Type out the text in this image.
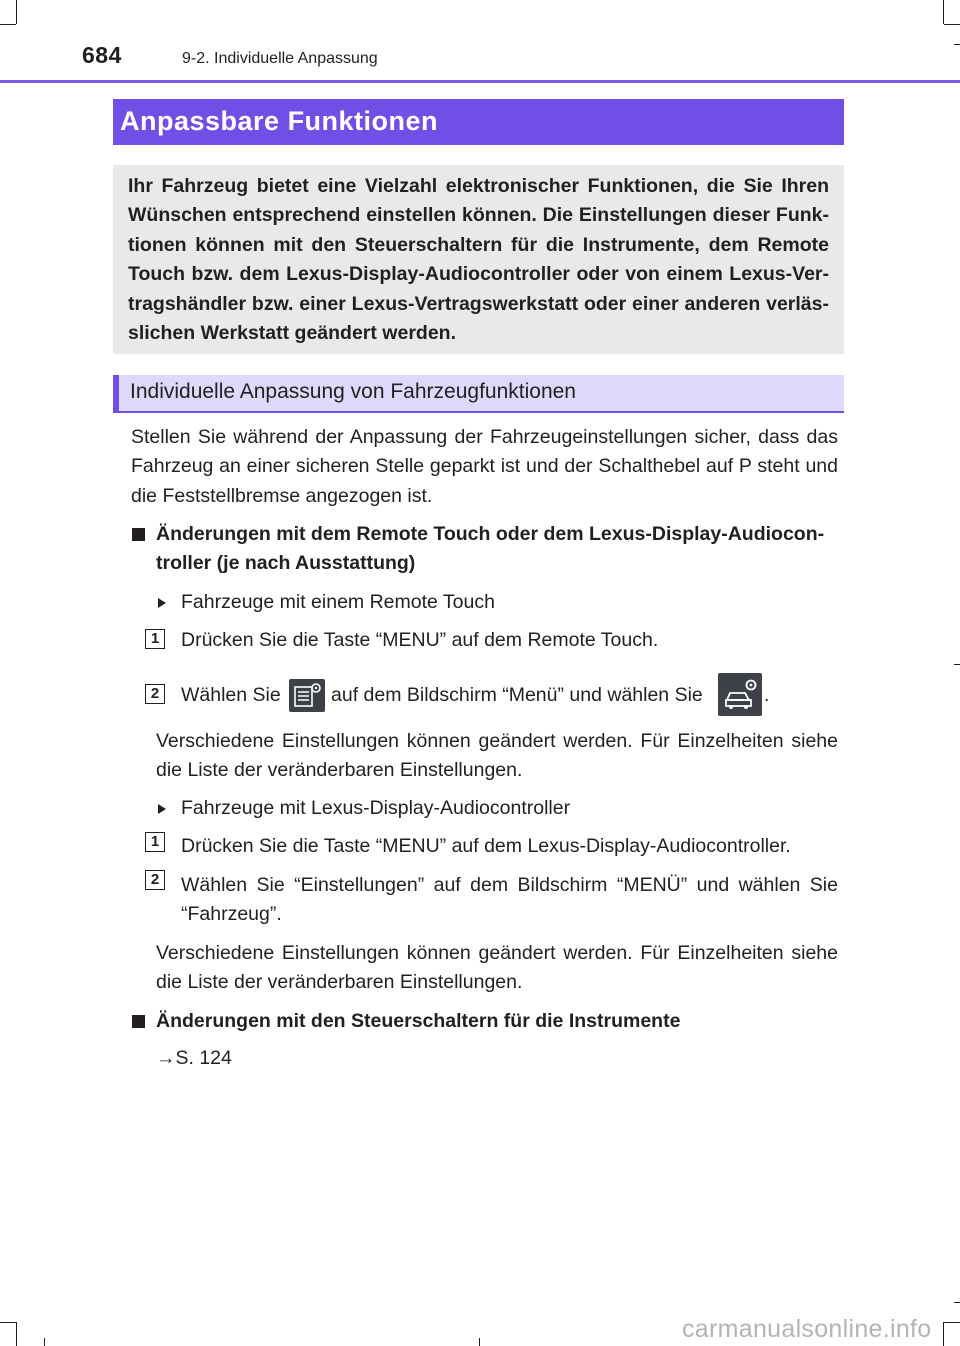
684	9-2. Individuelle Anpassung
Anpassbare Funktionen

Ihr Fahrzeug bietet eine Vielzahl elektronischer Funktionen, die Sie Ihren Wünschen entsprechend einstellen können. Die Einstellungen dieser Funk-tionen können mit den Steuerschaltern für die Instrumente, dem Remote Touch bzw. dem Lexus-Display-Audiocontroller oder von einem Lexus-Ver-tragshändler bzw. einer Lexus-Vertragswerkstatt oder einer anderen verläs-slichen Werkstatt geändert werden.

Individuelle Anpassung von Fahrzeugfunktionen

Stellen Sie während der Anpassung der Fahrzeugeinstellungen sicher, dass das Fahrzeug an einer sicheren Stelle geparkt ist und der Schalthebel auf P steht und die Feststellbremse angezogen ist.

Änderungen mit dem Remote Touch oder dem Lexus-Display-Audiocon-troller (je nach Ausstattung)

Fahrzeuge mit einem Remote Touch

1 Drücken Sie die Taste “MENU” auf dem Remote Touch.

2 Wählen Sie	auf dem Bildschirm “Menü” und wählen Sie	.

Verschiedene Einstellungen können geändert werden. Für Einzelheiten siehe die Liste der veränderbaren Einstellungen.

Fahrzeuge mit Lexus-Display-Audiocontroller

1 Drücken Sie die Taste “MENU” auf dem Lexus-Display-Audiocontroller.

2 Wählen Sie “Einstellungen” auf dem Bildschirm “MENÜ” und wählen Sie “Fahrzeug”.

Verschiedene Einstellungen können geändert werden. Für Einzelheiten siehe die Liste der veränderbaren Einstellungen.

Änderungen mit den Steuerschaltern für die Instrumente

→S. 124

carmanualsonline.info
